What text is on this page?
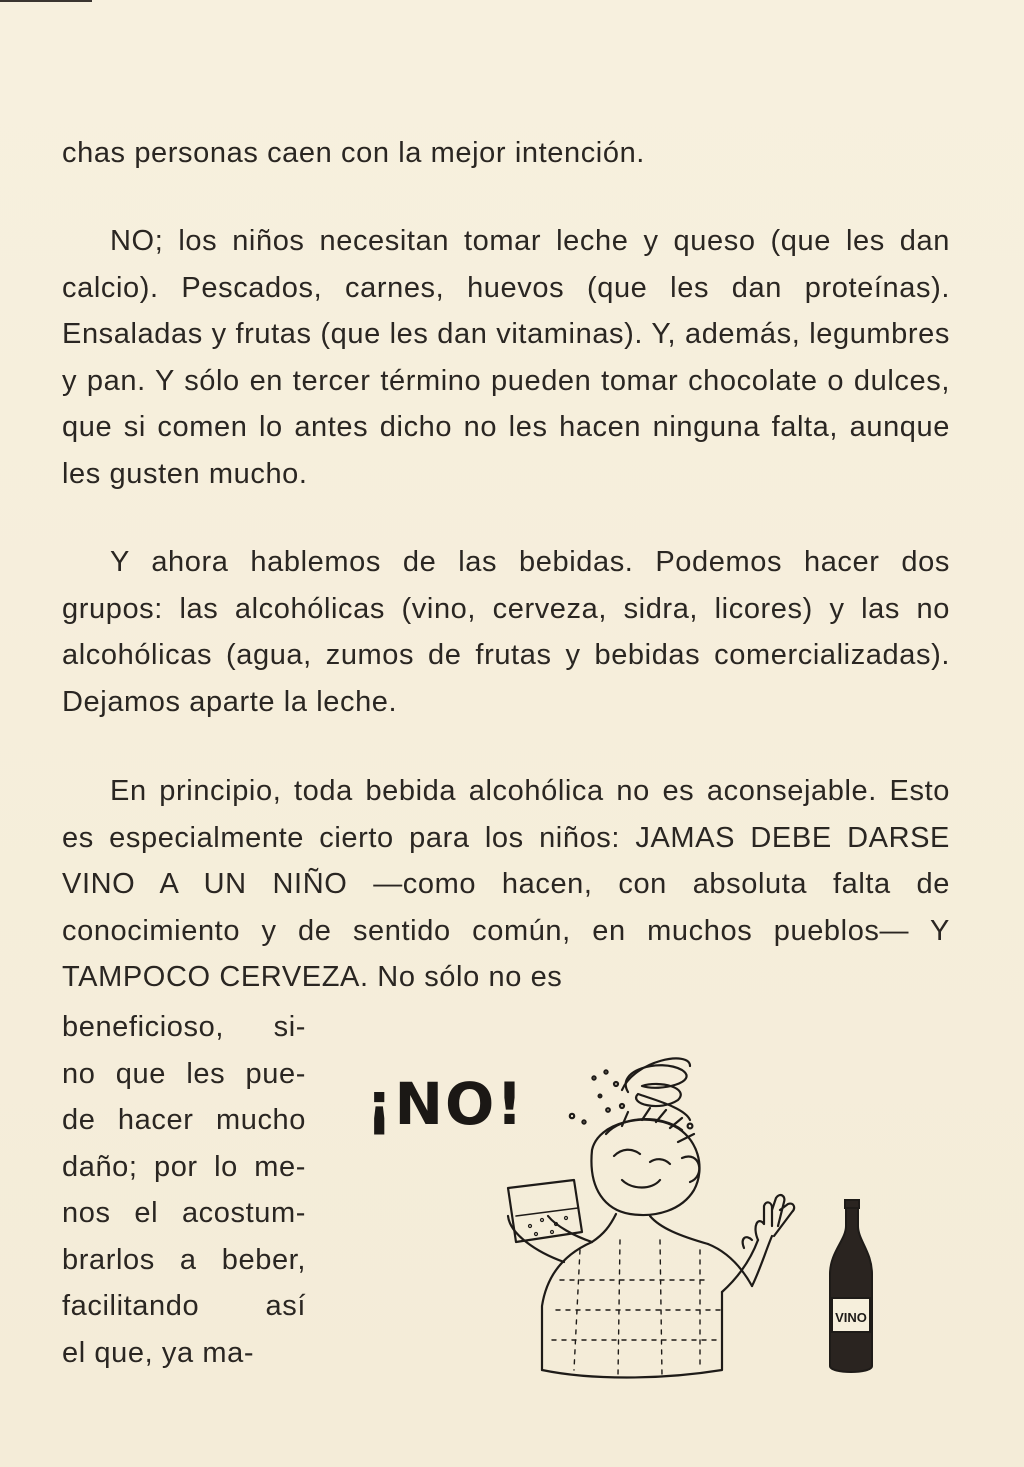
chas personas caen con la mejor intención.

NO; los niños necesitan tomar leche y queso (que les dan calcio). Pescados, carnes, huevos (que les dan proteínas). Ensaladas y frutas (que les dan vitaminas). Y, además, legumbres y pan. Y sólo en tercer término pueden tomar chocolate o dulces, que si comen lo antes dicho no les hacen ninguna falta, aunque les gusten mucho.

Y ahora hablemos de las bebidas. Podemos hacer dos grupos: las alcohólicas (vino, cerveza, sidra, licores) y las no alcohólicas (agua, zumos de frutas y bebidas comercializadas). Dejamos aparte la leche.

En principio, toda bebida alcohólica no es aconsejable. Esto es especialmente cierto para los niños: JAMAS DEBE DARSE VINO A UN NIÑO —como hacen, con absoluta falta de conocimiento y de sentido común, en muchos pueblos— Y TAMPOCO CERVEZA. No sólo no es

beneficioso, si-

no que les pue-

de hacer mucho

daño; por lo me-

nos el acostum-

brarlos a beber,

facilitando así

el que, ya ma-

¡NO!
VINO
